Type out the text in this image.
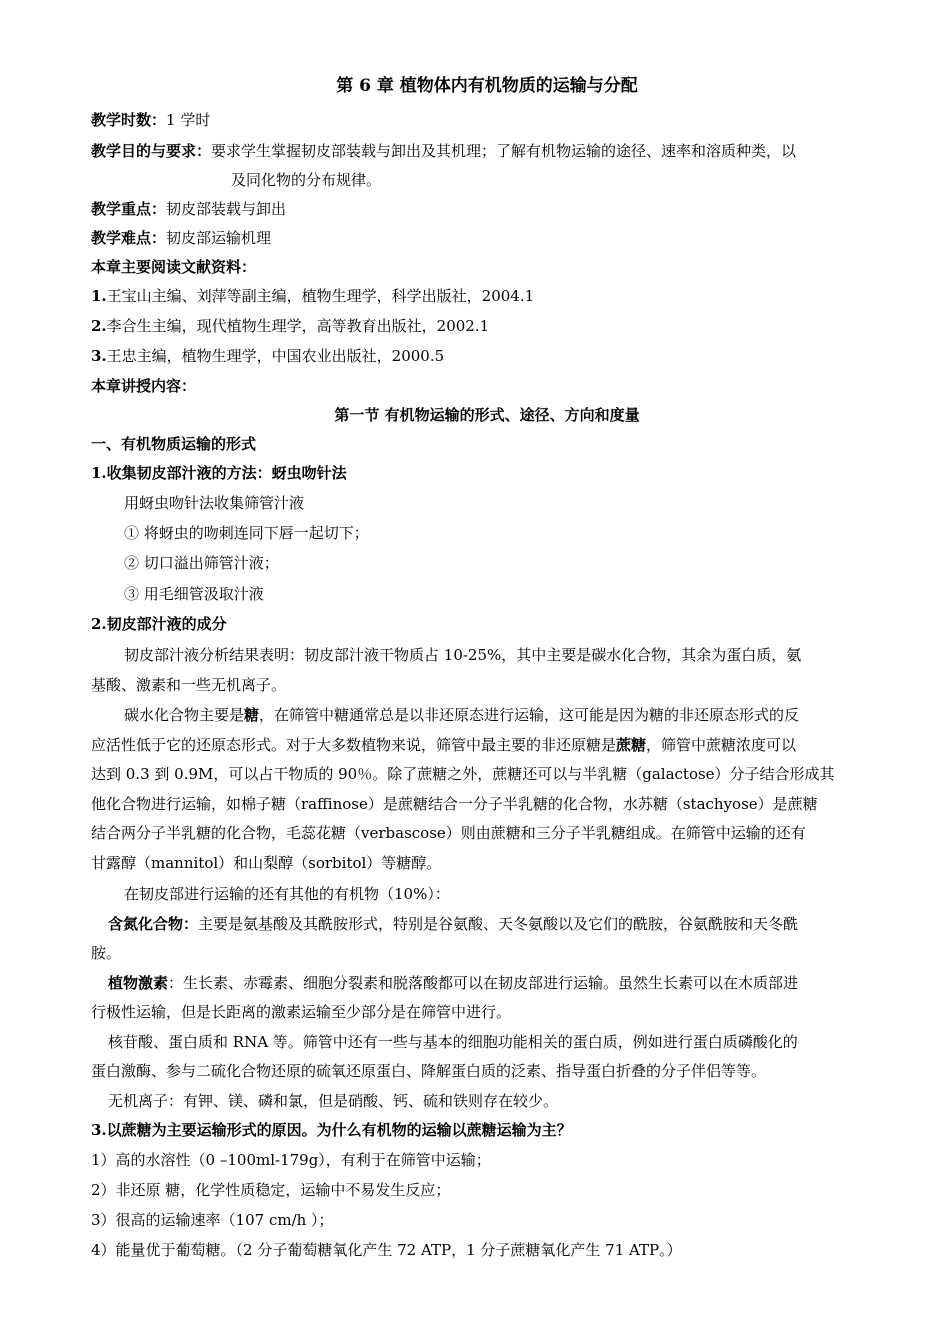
第 6 章 植物体内有机物质的运输与分配
教学时数：1 学时
教学目的与要求：要求学生掌握韧皮部装载与卸出及其机理；了解有机物运输的途径、速率和溶质种类，以
及同化物的分布规律。
教学重点：韧皮部装载与卸出
教学难点：韧皮部运输机理
本章主要阅读文献资料：
1.王宝山主编、刘萍等副主编，植物生理学，科学出版社，2004.1
2.李合生主编，现代植物生理学，高等教育出版社，2002.1
3.王忠主编，植物生理学，中国农业出版社，2000.5
本章讲授内容：
第一节 有机物运输的形式、途径、方向和度量
一、有机物质运输的形式
1.收集韧皮部汁液的方法：蚜虫吻针法
用蚜虫吻针法收集筛管汁液
① 将蚜虫的吻刺连同下唇一起切下；
② 切口溢出筛管汁液；
③ 用毛细管汲取汁液
2.韧皮部汁液的成分
韧皮部汁液分析结果表明：韧皮部汁液干物质占 10-25%，其中主要是碳水化合物，其余为蛋白质，氨
基酸、激素和一些无机离子。
碳水化合物主要是糖，在筛管中糖通常总是以非还原态进行运输，这可能是因为糖的非还原态形式的反
应活性低于它的还原态形式。对于大多数植物来说，筛管中最主要的非还原糖是蔗糖，筛管中蔗糖浓度可以
达到 0.3 到 0.9M，可以占干物质的 90％。除了蔗糖之外，蔗糖还可以与半乳糖（galactose）分子结合形成其
他化合物进行运输，如棉子糖（raffinose）是蔗糖结合一分子半乳糖的化合物，水苏糖（stachyose）是蔗糖
结合两分子半乳糖的化合物，毛蕊花糖（verbascose）则由蔗糖和三分子半乳糖组成。在筛管中运输的还有
甘露醇（mannitol）和山梨醇（sorbitol）等糖醇。
在韧皮部进行运输的还有其他的有机物（10%）：
含氮化合物：主要是氨基酸及其酰胺形式，特别是谷氨酸、天冬氨酸以及它们的酰胺，谷氨酰胺和天冬酰
胺。
植物激素：生长素、赤霉素、细胞分裂素和脱落酸都可以在韧皮部进行运输。虽然生长素可以在木质部进
行极性运输，但是长距离的激素运输至少部分是在筛管中进行。
核苷酸、蛋白质和 RNA 等。筛管中还有一些与基本的细胞功能相关的蛋白质，例如进行蛋白质磷酸化的
蛋白激酶、参与二硫化合物还原的硫氧还原蛋白、降解蛋白质的泛素、指导蛋白折叠的分子伴侣等等。
无机离子：有钾、镁、磷和氯，但是硝酸、钙、硫和铁则存在较少。
3.以蔗糖为主要运输形式的原因。为什么有机物的运输以蔗糖运输为主？
1）高的水溶性（0 –100ml-179g），有利于在筛管中运输；
2）非还原 糖，化学性质稳定，运输中不易发生反应；
3）很高的运输速率（107 cm/h ）；
4）能量优于葡萄糖。（2 分子葡萄糖氧化产生 72 ATP，1 分子蔗糖氧化产生 71 ATP。）
